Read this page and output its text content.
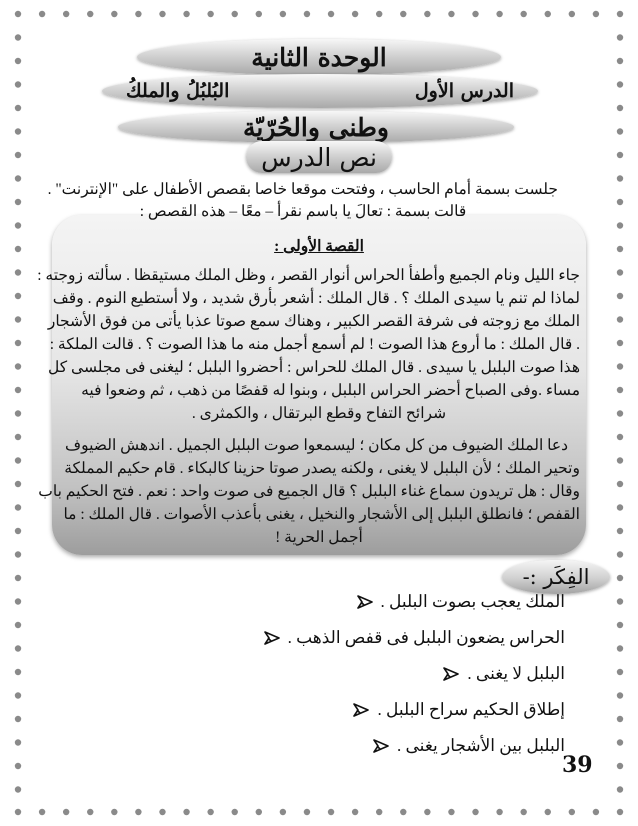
الوحدة الثانية
الدرس الأول
البُلبُلُ والملكُ
وطنى والحُرّيّة
نص الدرس
جلست بسمة أمام الحاسب ، وفتحت موقعا خاصا بقصص الأطفال على "الإنترنت" .
قالت بسمة : تعالَ يا باسم نقرأ – معًا – هذه القصص :
القصة الأولى :
جاء الليل ونام الجميع وأطفأ الحراس أنوار القصر ، وظل الملك مستيقظا . سألته زوجته :
لماذا لم تنم يا سيدى الملك ؟ . قال الملك : أشعر بأرق شديد ، ولا أستطيع النوم . وقف
الملك مع زوجته فى شرفة القصر الكبير ، وهناك سمع صوتا عذبا يأتى من فوق الأشجار
. قال الملك : ما أروع هذا الصوت ! لم أسمع أجمل منه ما هذا الصوت ؟ . قالت الملكة :
هذا صوت البلبل يا سيدى . قال الملك للحراس : أحضروا البلبل ؛ ليغنى فى مجلسى كل
مساء .وفى الصباح أحضر الحراس البلبل ، وبنوا له قفصًا من ذهب ، ثم وضعوا فيه
شرائح التفاح وقطع البرتقال ، والكمثرى .
دعا الملك الضيوف من كل مكان ؛ ليسمعوا صوت البلبل الجميل . اندهش الضيوف
وتحير الملك ؛ لأن البلبل لا يغنى ، ولكنه يصدر صوتا حزينا كالبكاء . قام حكيم المملكة
وقال : هل تريدون سماع غناء البلبل ؟ قال الجميع فى صوت واحد : نعم . فتح الحكيم باب
القفص ؛ فانطلق البلبل إلى الأشجار والنخيل ، يغنى بأعذب الأصوات . قال الملك : ما
أجمل الحرية !
الفِكَر :-
الملك يعجب بصوت البلبل .
الحراس يضعون البلبل فى قفص الذهب .
البلبل لا يغنى .
إطلاق الحكيم سراح البلبل .
البلبل بين الأشجار يغنى .
39
